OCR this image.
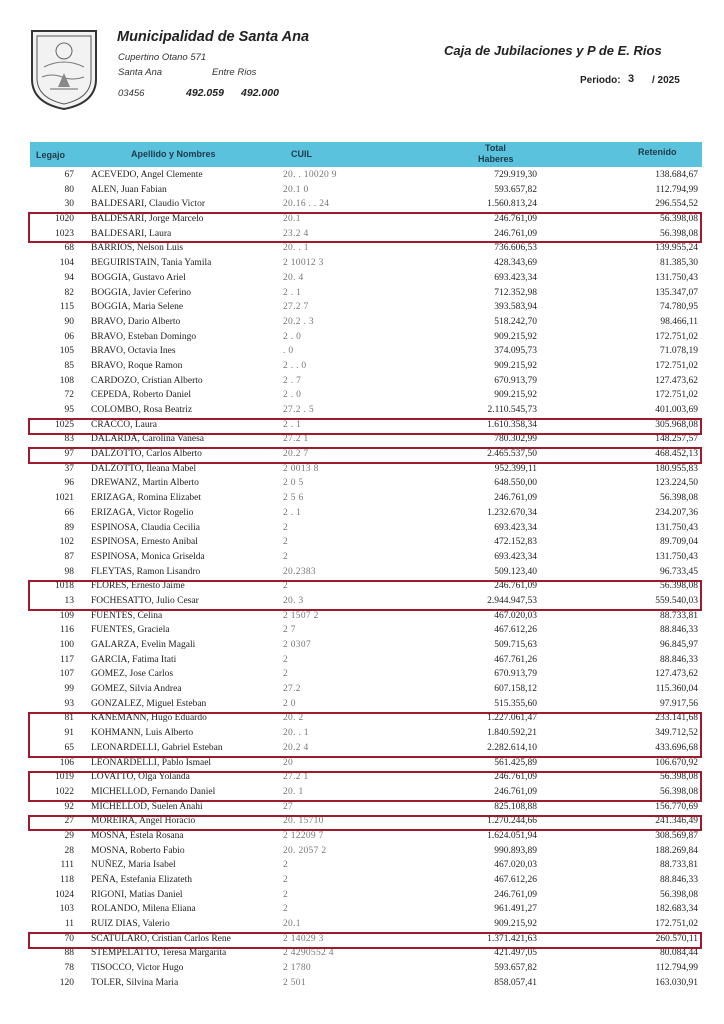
Municipalidad de Santa Ana
Cupertino Otano 571
Santa Ana	Entre Rios
03456	492.059 492.000
Caja de Jubilaciones y P de E. Rios
Periodo: 3 / 2025
Legajo	Apellido y Nombres	CUIL
Total
Haberes
Retenido
67 ACEVEDO, Angel Clemente	20. . 10020 9	729.919,30	138.684,67
80 ALEN, Juan Fabian	20.1 0	593.657,82	112.794,99
30 BALDESARI, Claudio Victor	20.16 . . 24	1.560.813,24	296.554,52
1020 BALDESARI, Jorge Marcelo	20.1	246.761,09	56.398,08
1023 BALDESARI, Laura	23.2 4	246.761,09	56.398,08
68 BARRIOS, Nelson Luis	20. . 1	736.606,53	139.955,24
104 BEGUIRISTAIN, Tania Yamila	2 10012 3	428.343,69	81.385,30
94 BOGGIA, Gustavo Ariel	20. 4	693.423,34	131.750,43
82 BOGGIA, Javier Ceferino	2 . 1	712.352,98	135.347,07
115 BOGGIA, Maria Selene	27.2 7	393.583,94	74.780,95
90 BRAVO, Dario Alberto	20.2 . 3	518.242,70	98.466,11
06 BRAVO, Esteban Domingo	2 . 0	909.215,92	172.751,02
105 BRAVO, Octavia Ines	. 0	374.095,73	71.078,19
85 BRAVO, Roque Ramon	2 . . 0	909.215,92	172.751,02
108 CARDOZO, Cristian Alberto	2 . 7	670.913,79	127.473,62
72 CEPEDA, Roberto Daniel	2 . 0	909.215,92	172.751,02
95 COLOMBO, Rosa Beatriz	27.2 . 5	2.110.545,73	401.003,69
1025 CRACCO, Laura	2 . 1	1.610.358,34	305.968,08
83 DALARDA, Carolina Vanesa	27.2 1	780.302,99	148.257,57
97 DALZOTTO, Carlos Alberto	20.2 7	2.465.537,50	468.452,13
37 DALZOTTO, Ileana Mabel	2 0013 8	952.399,11	180.955,83
96 DREWANZ, Martin Alberto	2 0 5	648.550,00	123.224,50
1021 ERIZAGA, Romina Elizabet	2 5 6	246.761,09	56.398,08
66 ERIZAGA, Victor Rogelio	2 . 1	1.232.670,34	234.207,36
89 ESPINOSA, Claudia Cecilia	2	693.423,34	131.750,43
102 ESPINOSA, Ernesto Anibal	2	472.152,83	89.709,04
87 ESPINOSA, Monica Griselda	2	693.423,34	131.750,43
98 FLEYTAS, Ramon Lisandro	20.2383	509.123,40	96.733,45
1018 FLORES, Ernesto Jaime	2	246.761,09	56.398,08
13 FOCHESATTO, Julio Cesar	20. 3	2.944.947,53	559.540,03
109 FUENTES, Celina	2 1507 2	467.020,03	88.733,81
116 FUENTES, Graciela	2 7	467.612,26	88.846,33
100 GALARZA, Evelin Magali	2 0307	509.715,63	96.845,97
117 GARCIA, Fatima Itati	2	467.761,26	88.846,33
107 GOMEZ, Jose Carlos	2	670.913,79	127.473,62
99 GOMEZ, Silvia Andrea	27.2	607.158,12	115.360,04
93 GONZALEZ, Miguel Esteban	2 0	515.355,60	97.917,56
81 KANEMANN, Hugo Eduardo	20. 2	1.227.061,47	233.141,68
91 KOHMANN, Luis Alberto	20. . 1	1.840.592,21	349.712,52
65 LEONARDELLI, Gabriel Esteban	20.2 4	2.282.614,10	433.696,68
106 LEONARDELLI, Pablo Ismael	20	561.425,89	106.670,92
1019 LOVATTO, Olga Yolanda	27.2 1	246.761,09	56.398,08
1022 MICHELLOD, Fernando Daniel	20. 1	246.761,09	56.398,08
92 MICHELLOD, Suelen Anahi	27	825.108,88	156.770,69
27 MOREIRA, Angel Horacio	20. 15710	1.270.244,66	241.346,49
29 MOSNA, Estela Rosana	2 12209 7	1.624.051,94	308.569,87
28 MOSNA, Roberto Fabio	20. 2057 2	990.893,89	188.269,84
111 NUÑEZ, Maria Isabel	2	467.020,03	88.733,81
118 PEÑA, Estefania Elizateth	2	467.612,26	88.846,33
1024 RIGONI, Matias Daniel	2	246.761,09	56.398,08
103 ROLANDO, Milena Eliana	2	961.491,27	182.683,34
11 RUIZ DIAS, Valerio	20.1	909.215,92	172.751,02
70 SCATULARO, Cristian Carlos Rene	2 14029 3	1.371.421,63	260.570,11
88 STEMPELATTO, Teresa Margarita	2 4290552 4	421.497,05	80.084,44
78 TISOCCO, Victor Hugo	2 1780	593.657,82	112.794,99
120 TOLER, Silvina Maria	2 501	858.057,41	163.030,91
